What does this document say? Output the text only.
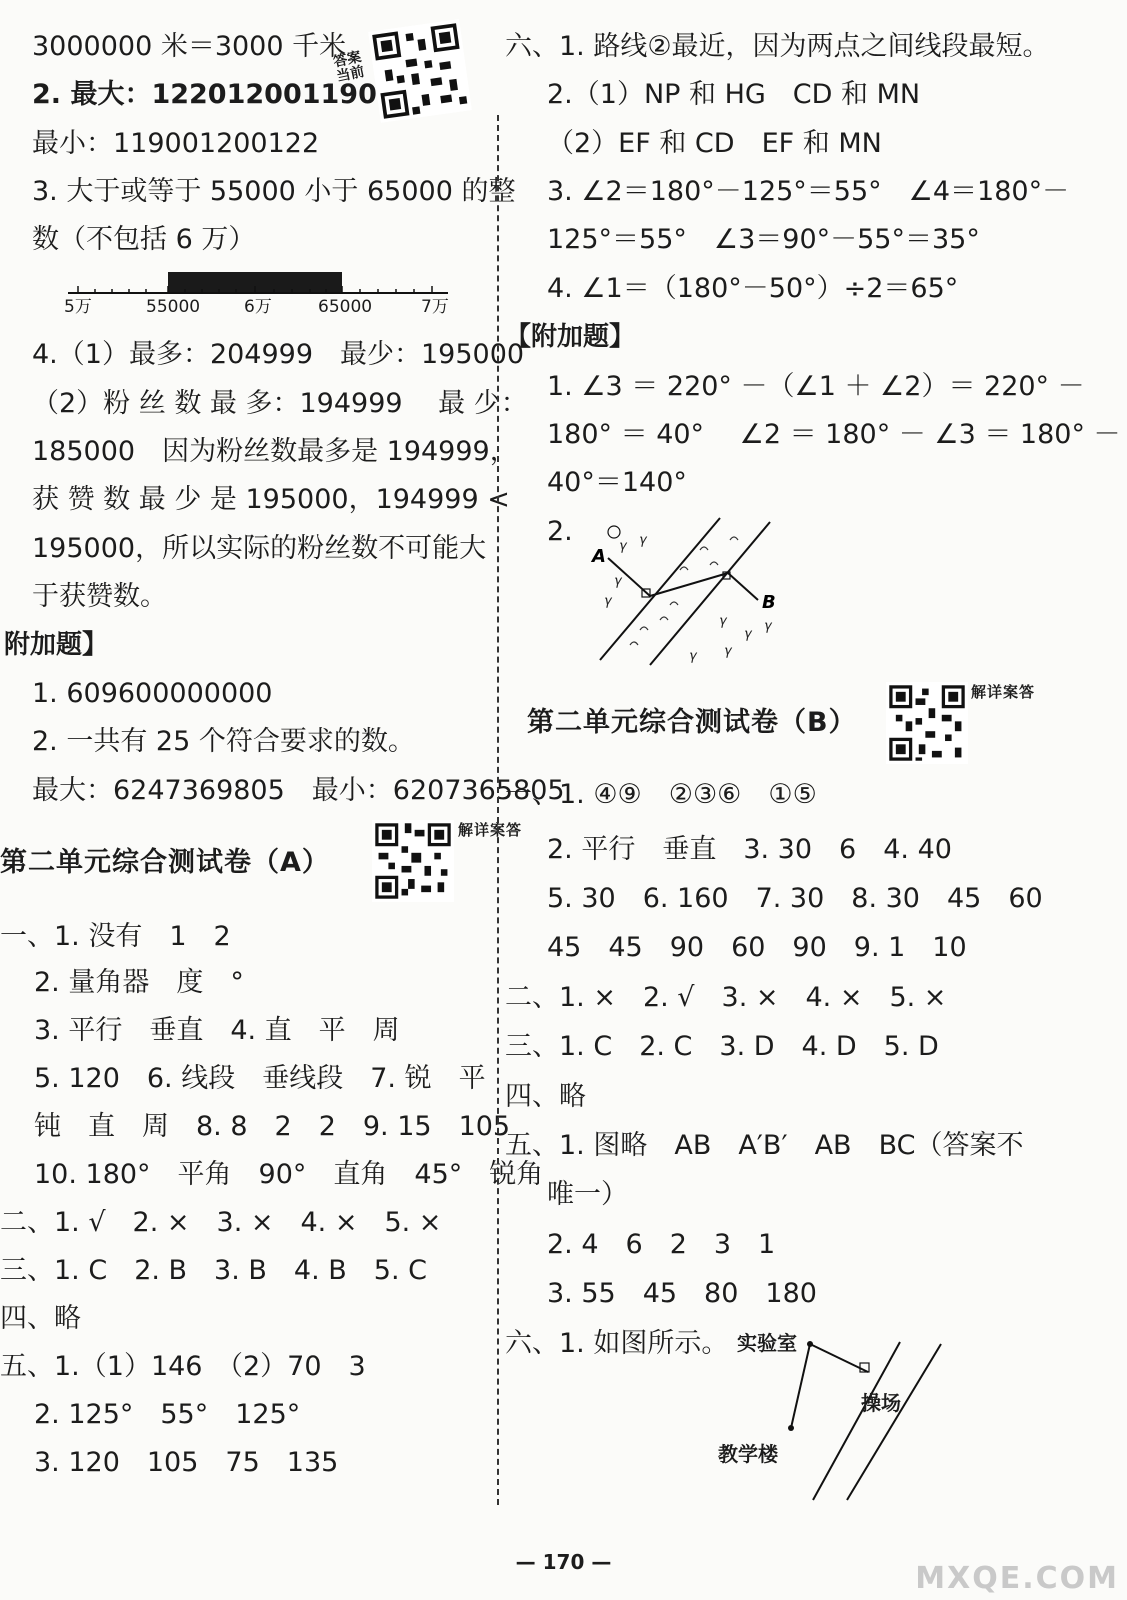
3000000 米＝3000 千米
2. 最大：122012001190
最小：119001200122
3. 大于或等于 55000 小于 65000 的整
数（不包括 6 万）
答案当前
5万	55000	6万	65000	7万
4.（1）最多：204999　最少：195000
（2）粉 丝 数 最 多：194999　 最 少：
185000　因为粉丝数最多是 194999，
获 赞 数 最 少 是 195000，194999 <
195000，所以实际的粉丝数不可能大
于获赞数。
附加题】
1. 609600000000
2. 一共有 25 个符合要求的数。
最大：6247369805　最小：6207365805
第二单元综合测试卷（A）
答案详解
一、1. 没有　1　2
2. 量角器　度　°
3. 平行　垂直　4. 直　平　周
5. 120　6. 线段　垂线段　7. 锐　平
钝　直　周　8. 8　2　2　9. 15　105
10. 180°　平角　90°　直角　45°　锐角
二、1. √　2. ×　3. ×　4. ×　5. ×
三、1. C　2. B　3. B　4. B　5. C
四、略
五、1.（1）146　（2）70　3
2. 125°　55°　125°
3. 120　105　75　135
六、1. 路线②最近，因为两点之间线段最短。
2.（1）NP 和 HG　CD 和 MN
（2）EF 和 CD　EF 和 MN
3. ∠2＝180°－125°＝55°　∠4＝180°－
125°＝55°　∠3＝90°－55°＝35°
4. ∠1＝（180°－50°）÷2＝65°
【附加题】
1. ∠3 ＝ 220° －（∠1 ＋ ∠2）＝ 220° －
180° ＝ 40°　 ∠2 ＝ 180° － ∠3 ＝ 180° －
40°＝140°
2.	𝛾 𝛾
𝛾
𝛾
𝛾
𝛾
𝛾
𝛾
𝛾
A
B
第二单元综合测试卷（B）
答案详解
一、1. ④⑨　②③⑥　①⑤
2. 平行　垂直　3. 30　6　4. 40
5. 30　6. 160　7. 30　8. 30　45　60
45　45　90　60　90　9. 1　10
二、1. ×　2. √　3. ×　4. ×　5. ×
三、1. C　2. C　3. D　4. D　5. D
四、略
五、1. 图略　AB　A′B′　AB　BC（答案不
唯一）
2. 4　6　2　3　1
3. 55　45　80　180
六、1. 如图所示。 实验室
操场
教学楼
— 170 —	MXQE.COM
